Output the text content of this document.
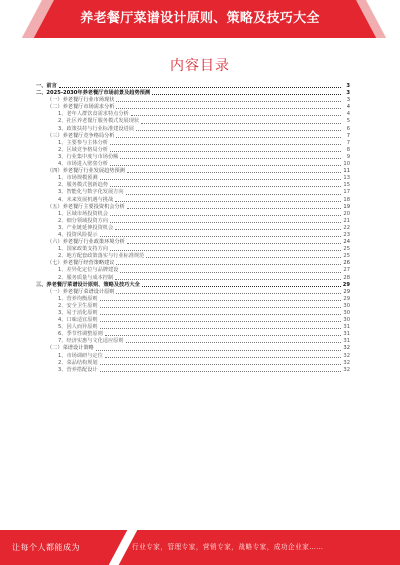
养老餐厅菜谱设计原则、策略及技巧大全
内容目录
一、前言	3
二、2025-2030年养老餐厅市场前景及趋势预测	3
（一）养老餐厅行业市场现状	3
（二）养老餐厅市场需求分析	4
1、老年人群饮食需求特点分析	4
2、社区养老餐厅服务模式发展现状	5
3、政策扶持与行业标准建设进展	6
（三）养老餐厅竞争格局分析	7
1、主要参与主体分析	7
2、区域竞争格局分析	8
3、行业集中度与市场份额	9
4、市场进入壁垒分析	10
（四）养老餐厅行业发展趋势预测	11
1、市场规模预测	13
2、服务模式创新趋势	15
3、智能化与数字化发展方向	17
4、未来发展机遇与挑战	18
（五）养老餐厅主要投资机会分析	19
1、区域市场投资机会	20
2、细分领域投资方向	21
3、产业链延伸投资机会	22
4、投资风险提示	23
（六）养老餐厅行业政策环境分析	24
1、国家政策支持方向	25
2、地方配套政策落实与行业标准规范	25
（七）养老餐厅经营策略建议	26
1、差异化定位与品牌建设	27
2、服务质量与成本控制	28
三、养老餐厅菜谱设计原则、策略及技巧大全	29
（一）养老餐厅菜谱设计原则	29
1、营养均衡原则	29
2、安全卫生原则	30
3、易于消化原则	30
4、口味适宜原则	30
5、因人而异原则	31
6、季节性调整原则	31
7、经济实惠与文化适应原则	31
（二）菜谱设计策略	32
1、市场调研与定位	32
2、菜品结构规划	32
3、营养搭配设计	32
让每个人都能成为	行业专家，管理专家，营销专家，战略专家，成功企业家……
